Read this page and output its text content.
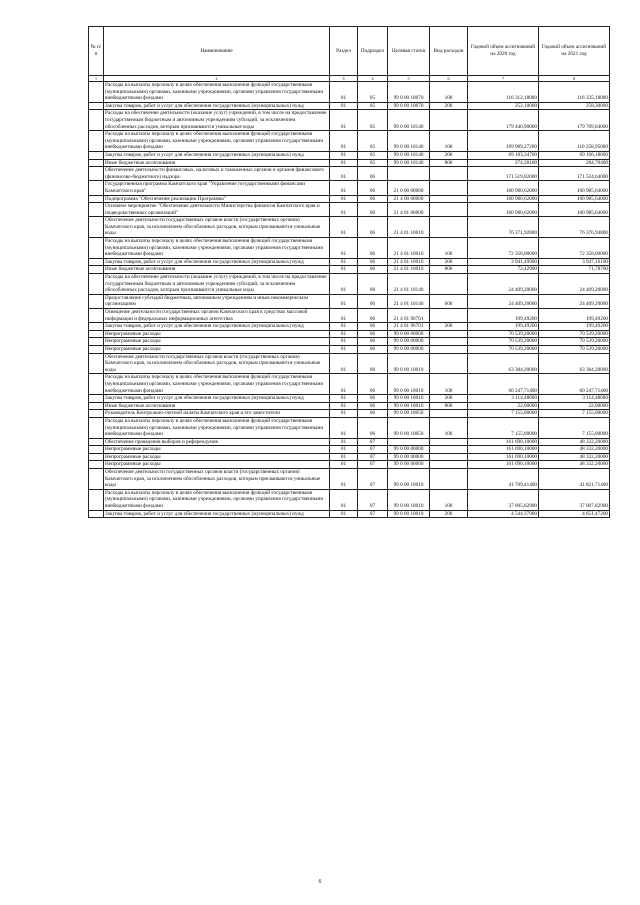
№ п/п	Наименование	Раздел	Подраздел	Целевая статья	Вид расходов	Годовой объем ассигнований на 2020 год	Годовой объем ассигнований на 2021 год
1	2	3	4	5	6	7	8
	Расходы на выплаты персоналу в целях обеспечения выполнения функций государственными (муниципальными) органами, казенными учреждениями, органами управления государственными внебюджетными фондами	01	05	99 0 00 10070	100	116 312,18000	116 335,18000
	Закупка товаров, работ и услуг для обеспечения государственных (муниципальных) нужд	01	05	99 0 00 10070	200	252,10000	258,30000
	Расходы на обеспечение деятельности (оказание услуг) учреждений, в том числе на предоставление государственным бюджетным и автономным учреждениям субсидий, за исключением обособленных расходов, которым присваиваются уникальные коды	01	05	99 0 00 10140		179 446,90000	179 709,84000
	Расходы на выплаты персоналу в целях обеспечения выполнения функций государственными (муниципальными) органами, казенными учреждениями, органами управления государственными внебюджетными фондами	01	05	99 0 00 10140	100	109 989,27200	110 258,95000
	Закупка товаров, работ и услуг для обеспечения государственных (муниципальных) нужд	01	05	99 0 00 10140	200	69 183,34700	69 166,18600
	Иные бюджетные ассигнования	01	05	99 0 00 10140	800	274,28100	284,70400
	Обеспечение деятельности финансовых, налоговых и таможенных органов и органов финансового (финансово-бюджетного) надзора	01	06			171 519,82000	171 524,64000
	Государственная программа Камчатского края "Управление государственными финансами Камчатского края"	01	06	21 0 00 00000		100 980,62000	100 985,64000
	Подпрограмма "Обеспечение реализации Программы"	01	06	21 4 00 00000		100 980,62000	100 985,64000
	Основное мероприятие "Обеспечение деятельности Министерства финансов Камчатского края и подведомственных организаций"	01	06	21 4 01 00000		100 980,62000	100 985,64000
	Обеспечение деятельности государственных органов власти (государственных органов) Камчатского края, за исключением обособленных расходов, которым присваиваются уникальные коды	01	06	21 4 01 10010		76 371,92800	76 376,94800
	Расходы на выплаты персоналу в целях обеспечения выполнения функций государственными (муниципальными) органами, казенными учреждениями, органами управления государственными внебюджетными фондами	01	06	21 4 01 10010	100	72 358,00000	72 358,00000
	Закупка товаров, работ и услуг для обеспечения государственных (муниципальных) нужд	01	06	21 4 01 10010	200	3 941,49900	3 947,16100
	Иные бюджетные ассигнования	01	06	21 4 01 10010	800	72,42900	71,78700
	Расходы на обеспечение деятельности (оказание услуг) учреждений, в том числе на предоставление государственным бюджетным и автономным учреждениям субсидий, за исключением обособленных расходов, которым присваиваются уникальные коды	01	06	21 4 01 10140		24 409,20000	24 409,20000
	Предоставление субсидий бюджетным, автономным учреждениям и иным некоммерческим организациям	01	06	21 4 01 10140	600	24 409,20000	24 409,20000
	Освещение деятельности государственных органов Камчатского края в средствах массовой информации и федеральных информационных агентствах	01	06	21 4 01 96701		199,49200	199,49200
	Закупка товаров, работ и услуг для обеспечения государственных (муниципальных) нужд	01	06	21 4 01 96701	200	199,49200	199,49200
	Непрограммные расходы	01	06	99 0 00 00000		70 539,20000	70 539,20000
	Непрограммные расходы	01	06	99 0 00 00000		70 539,20000	70 539,20000
	Непрограммные расходы	01	06	99 0 00 00000		70 539,20000	70 539,20000
	Обеспечение деятельности государственных органов власти (государственных органов) Камчатского края, за исключением обособленных расходов, которым присваиваются уникальные коды	01	06	99 0 00 10010		63 384,20000	63 384,20000
	Расходы на выплаты персоналу в целях обеспечения выполнения функций государственными (муниципальными) органами, казенными учреждениями, органами управления государственными внебюджетными фондами	01	06	99 0 00 10010	100	60 247,71400	60 247,71400
	Закупка товаров, работ и услуг для обеспечения государственных (муниципальных) нужд	01	06	99 0 00 10010	200	3 114,48600	3 114,48600
	Иные бюджетные ассигнования	01	06	99 0 00 10010	800	22,00000	22,00000
	Руководитель Контрольно-счетной палаты Камчатского края и его заместители	01	06	99 0 00 10050		7 155,00000	7 155,00000
	Расходы на выплаты персоналу в целях обеспечения выполнения функций государственными (муниципальными) органами, казенными учреждениями, органами управления государственными внебюджетными фондами	01	06	99 0 00 10050	100	7 155,00000	7 155,00000
	Обеспечение проведения выборов и референдумов	01	07			161 690,10000	48 332,20000
	Непрограммные расходы	01	07	99 0 00 00000		161 690,10000	48 332,20000
	Непрограммные расходы	01	07	99 0 00 00000		161 690,10000	48 332,20000
	Непрограммные расходы	01	07	99 0 00 00000		161 690,10000	48 332,20000
	Обеспечение деятельности государственных органов власти (государственных органов) Камчатского края, за исключением обособленных расходов, которым присваиваются уникальные коды	01	07	99 0 00 10010		41 709,41400	41 821,71400
	Расходы на выплаты персоналу в целях обеспечения выполнения функций государственными (муниципальными) органами, казенными учреждениями, органами управления государственными внебюджетными фондами	01	07	99 0 00 10010	100	37 005,82900	37 007,82900
	Закупка товаров, работ и услуг для обеспечения государственных (муниципальных) нужд	01	07	99 0 00 10010	200	4 544,37900	4 651,47200
6
